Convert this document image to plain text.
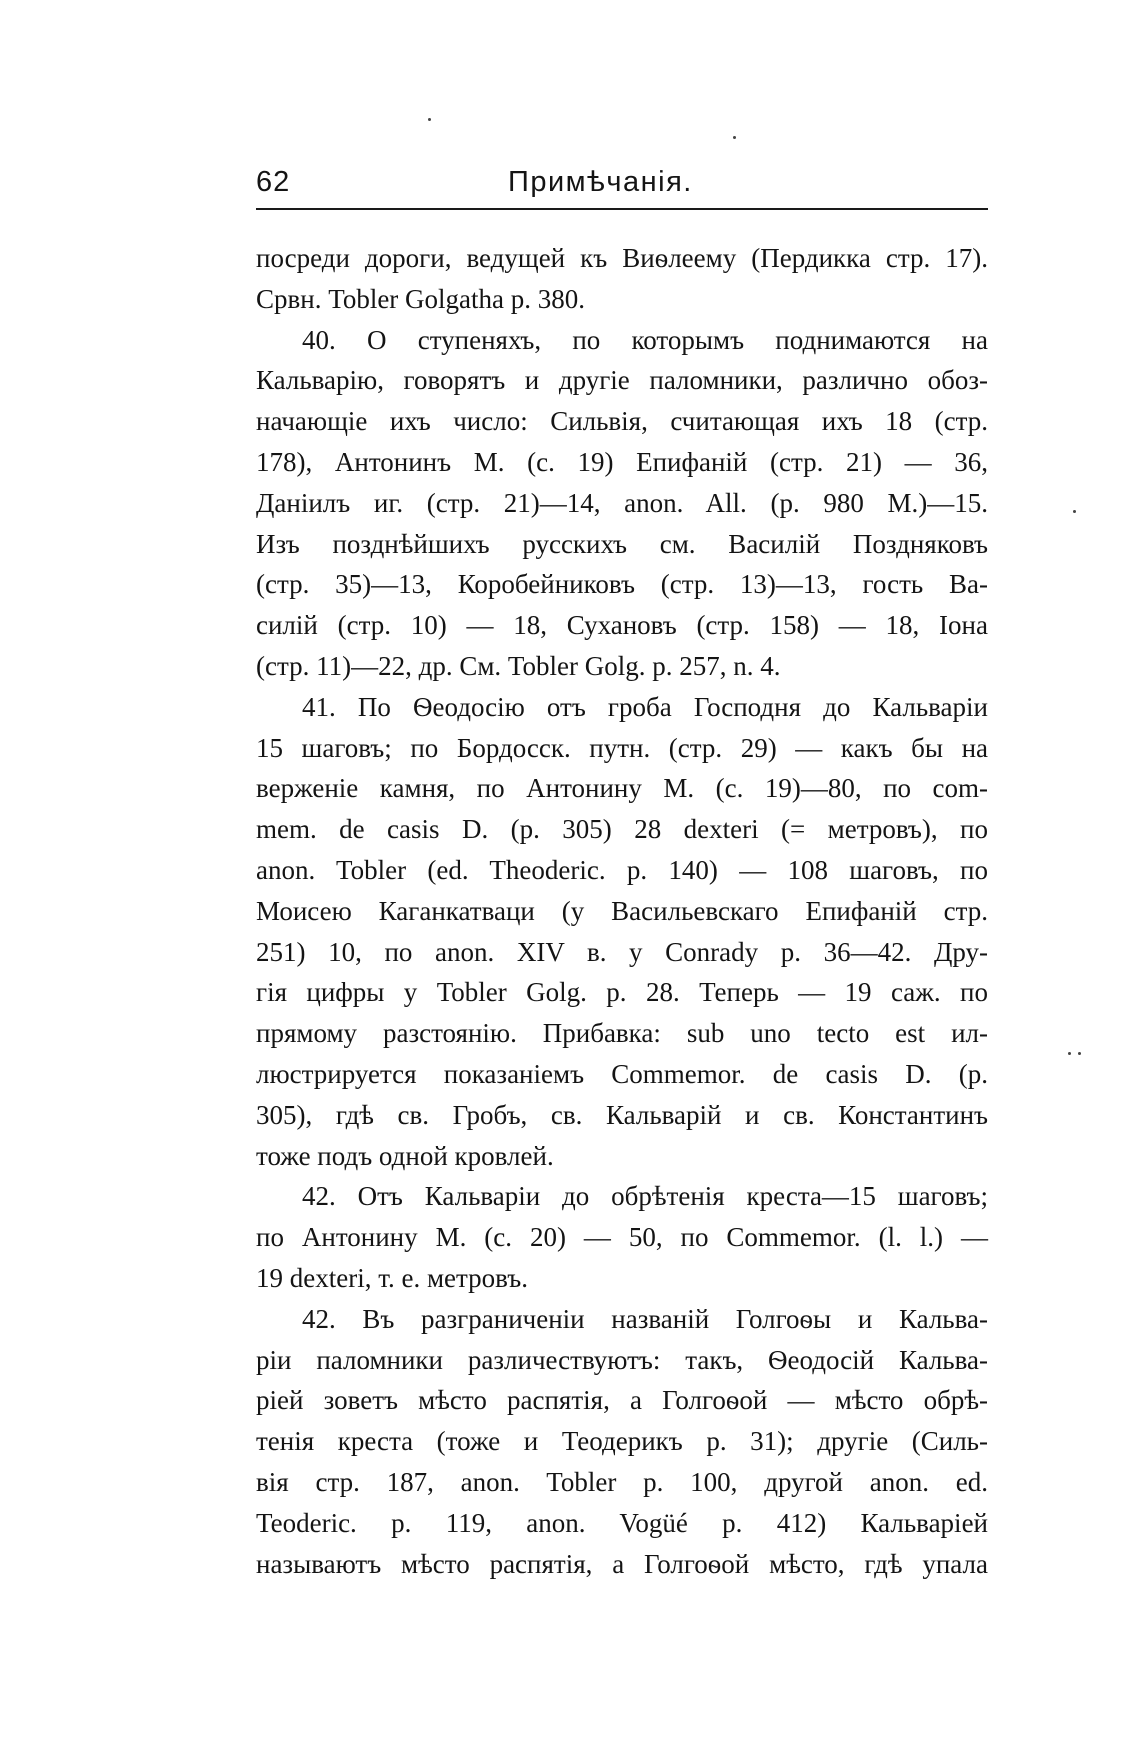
62	Примѣчанія.
посреди дороги, ведущей къ Виѳлеему (Пердикка стр. 17).
Срвн. Tobler Golgatha p. 380.
40. О ступеняхъ, по которымъ поднимаются на
Кальварію, говорятъ и другіе паломники, различно обоз-
начающіе ихъ число: Сильвія, считающая ихъ 18 (стр.
178), Антонинъ М. (с. 19) Епифаній (стр. 21) — 36,
Даніилъ иг. (стр. 21)—14, anon. All. (p. 980 M.)—15.
Изъ позднѣйшихъ русскихъ см. Василій Поздняковъ
(стр. 35)—13, Коробейниковъ (стр. 13)—13, гость Ва-
силій (стр. 10) — 18, Сухановъ (стр. 158) — 18, Іона
(стр. 11)—22, др. См. Tobler Golg. p. 257, n. 4.
41. По Ѳеодосію отъ гроба Господня до Кальваріи
15 шаговъ; по Бордосск. путн. (стр. 29) — какъ бы на
верженіе камня, по Антонину М. (с. 19)—80, по com-
mem. de casis D. (p. 305) 28 dexteri (= метровъ), по
anon. Tobler (ed. Theoderic. p. 140) — 108 шаговъ, по
Моисею Каганкатваци (у Васильевскаго Епифаній стр.
251) 10, по anon. XIV в. у Conrady p. 36—42. Дру-
гія цифры у Tobler Golg. p. 28. Теперь — 19 саж. по
прямому разстоянію. Прибавка: sub uno tecto est ил-
люстрируется показаніемъ Commemor. de casis D. (p.
305), гдѣ св. Гробъ, св. Кальварій и св. Константинъ
тоже подъ одной кровлей.
42. Отъ Кальваріи до обрѣтенія креста—15 шаговъ;
по Антонину М. (с. 20) — 50, по Commemor. (l. l.) —
19 dexteri, т. е. метровъ.
42. Въ разграниченіи названій Голгоѳы и Кальва-
ріи паломники различествуютъ: такъ, Ѳеодосій Кальва-
ріей зоветъ мѣсто распятія, а Голгоѳой — мѣсто обрѣ-
тенія креста (тоже и Теодерикъ p. 31); другіе (Силь-
вія стр. 187, anon. Tobler p. 100, другой anon. ed.
Teoderic. p. 119, anon. Vogüé p. 412) Кальваріей
называютъ мѣсто распятія, а Голгоѳой мѣсто, гдѣ упала
